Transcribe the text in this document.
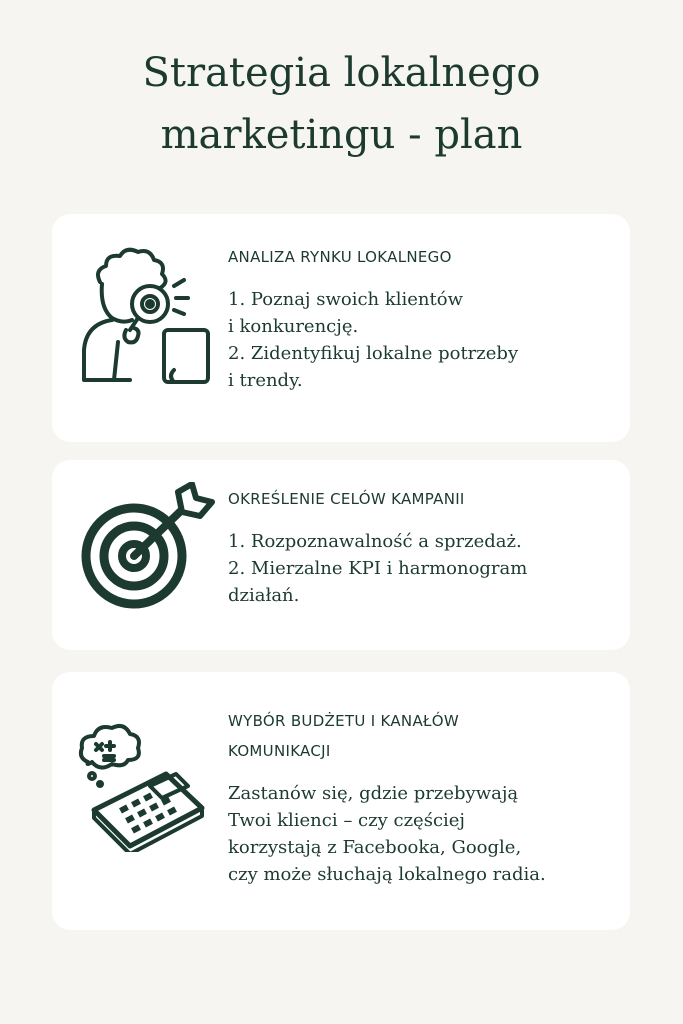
Strategia lokalnego
marketingu - plan
ANALIZA RYNKU LOKALNEGO
1. Poznaj swoich klientów
i konkurencję.
2. Zidentyfikuj lokalne potrzeby
i trendy.
OKREŚLENIE CELÓW KAMPANII
1. Rozpoznawalność a sprzedaż.
2. Mierzalne KPI i harmonogram
działań.
WYBÓR BUDŻETU I KANAŁÓW
KOMUNIKACJI
Zastanów się, gdzie przebywają
Twoi klienci – czy częściej
korzystają z Facebooka, Google,
czy może słuchają lokalnego radia.
